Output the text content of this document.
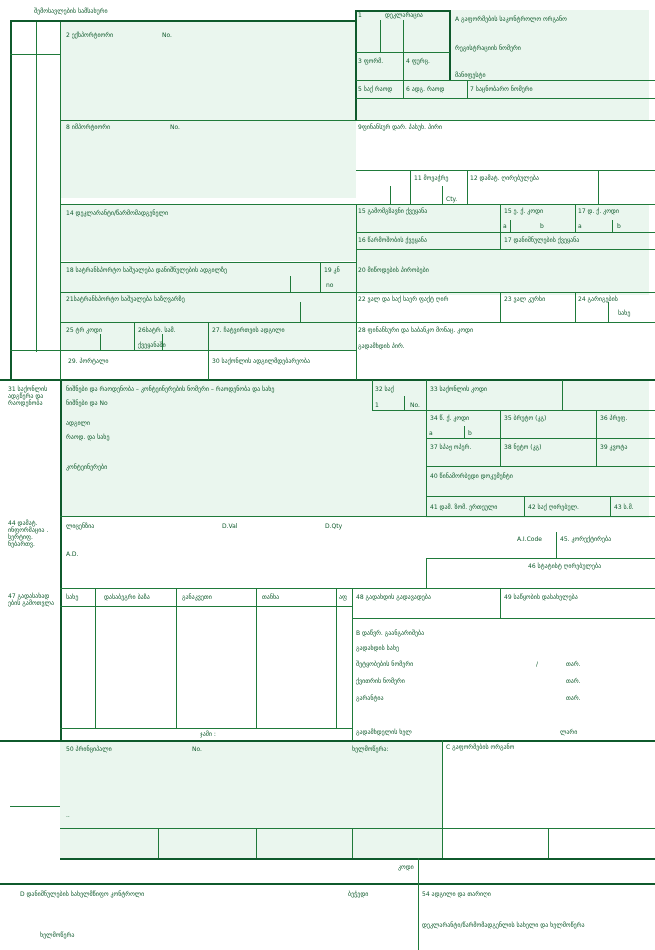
შემოსავლების სამსახური
1	დეკლარაცია
A გაფორმების საკონტროლო ორგანო
რეგისტრაციის ნომერი
2 ექსპორტიორი	No.
3 ფორმ.	4 ფურც.
მანიფესტი
5 საქ რაოდ 6 ადგ. რაოდ	7 საცნობარო ნომერი
8 იმპორტიორი	No.	9ფინანსურ დარ. პასუხ. პირი
11 მოვაჭრე
Cty.
12 დამატ. ღირებულება
14 დეკლარანტი/წარმომადგენელი	15 გამომგზავნი ქვეყანა	15 ე. ქ. კოდი	17 დ. ქ. კოდი
a	b	a	b
16 წარმოშობის ქვეყანა	17 დანიშნულების ქვეყანა
18 სატრანსპორტო საშუალება დანიშნულების ადგილზე	19 კნ
no
20 მიწოდების პირობები
21სატრანსპორტო საშუალება საზღვარზე	22 ვალ და საქ საერ ფაქტ ღირ	23 ვალ კურსი	24 გარიგების
სახე
25 ტრ კოდი	26სატრ. სამ.
ქვეყანაში
27. ჩატვირთვის ადგილი	28 ფინანსური და საბანკო მონაც. კოდი
გადამხდის პირ.
29. პორტალი	30 საქონლის ადგილმდებარეობა
31 საქონლის ადგწერა და რაოდენობა
ნიშნები და რაოდენობა – კონტეინერების ნომერი – რაოდენობა და სახე
ნიშნები და No
ადგილი
რაოდ. და სახე
კონტეინერები
32 საქ
1	No.
33 საქონლის კოდი
34 წ. ქ. კოდი
a	b
35 ბრუტო (კგ)	36 პრეფ.
37 სპაჟ ოპერ.	38 ნეტო (კგ)	39 კვოტა
40 წინამორბედი დოკუმენტი
41 დამ. ზომ. ერთეული	42 საქ ღირებულ.	43 ს.მ.
44 დამატ. ინფორმაცია . სერტიფ. ნებართვ.
ლიცენზია	D.Val	D.Qty
A.D.
A.I.Code	45. კორექტირება
46 სტატისტ ღირებულება
47 გადასახად ების გამოთვლა
სახე	დასაბეგრი ბაზა	განაკვეთი	თანხა	აფ
ჯამი :
48 გადახდის გადავადება	49 საწყობის დასახელება
B დაწვრ. გაანგარიშება
გადახდის სახე
შეტყობების ნომერი	/	თარ.
ქვითრის ნომერი	თარ.
გარანტია	თარ.
გადამხდელის ხელ	ლარი
50 პრინციპალი	No.	ხელმოწერა:	C გაფორმების ორგანო
..
კოდი
D დანიშნულების სახელმწიფო კონტროლი	ბეჭედი	54 ადგილი და თარიღი
დეკლარანტი/წარმომადგენლის სახელი და ხელმოწერა
ხელმოწერა
